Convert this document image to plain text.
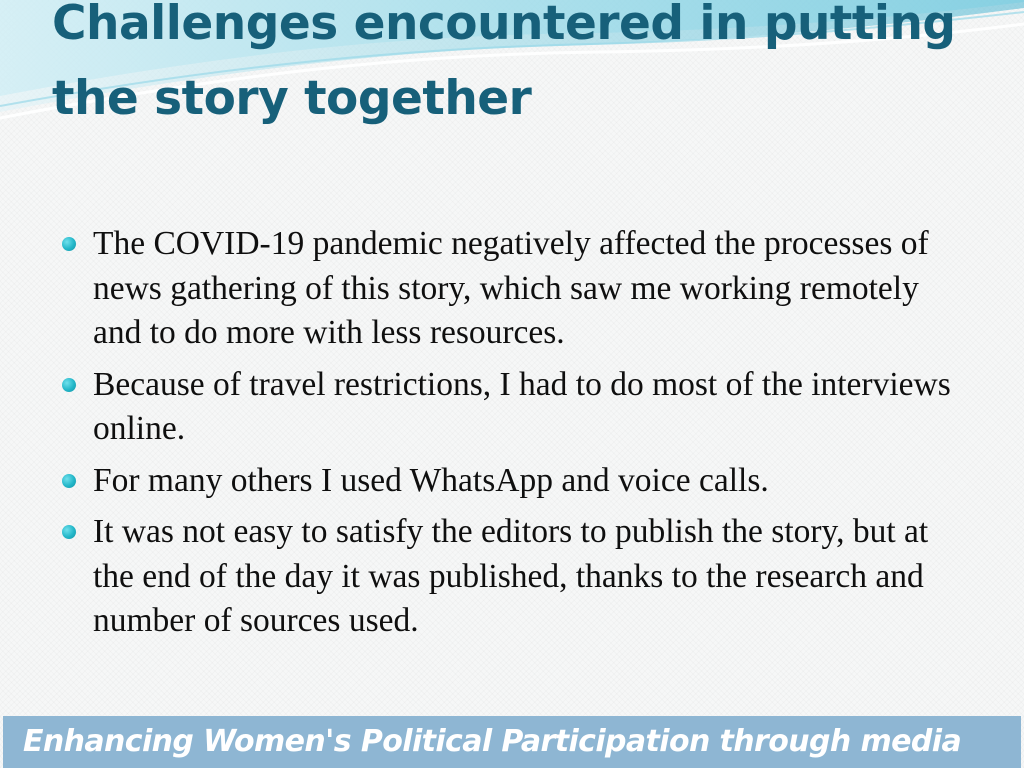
Challenges encountered in putting the story together
The COVID-19 pandemic negatively affected the processes of news gathering of this story, which saw me working remotely and to do more with less resources.
Because of travel restrictions, I had to do most of the interviews online.
For many others I used WhatsApp and voice calls.
It was not easy to satisfy the editors to publish the story, but at the end of the day it was published, thanks to the research and number of sources used.
Enhancing Women's Political Participation through media
